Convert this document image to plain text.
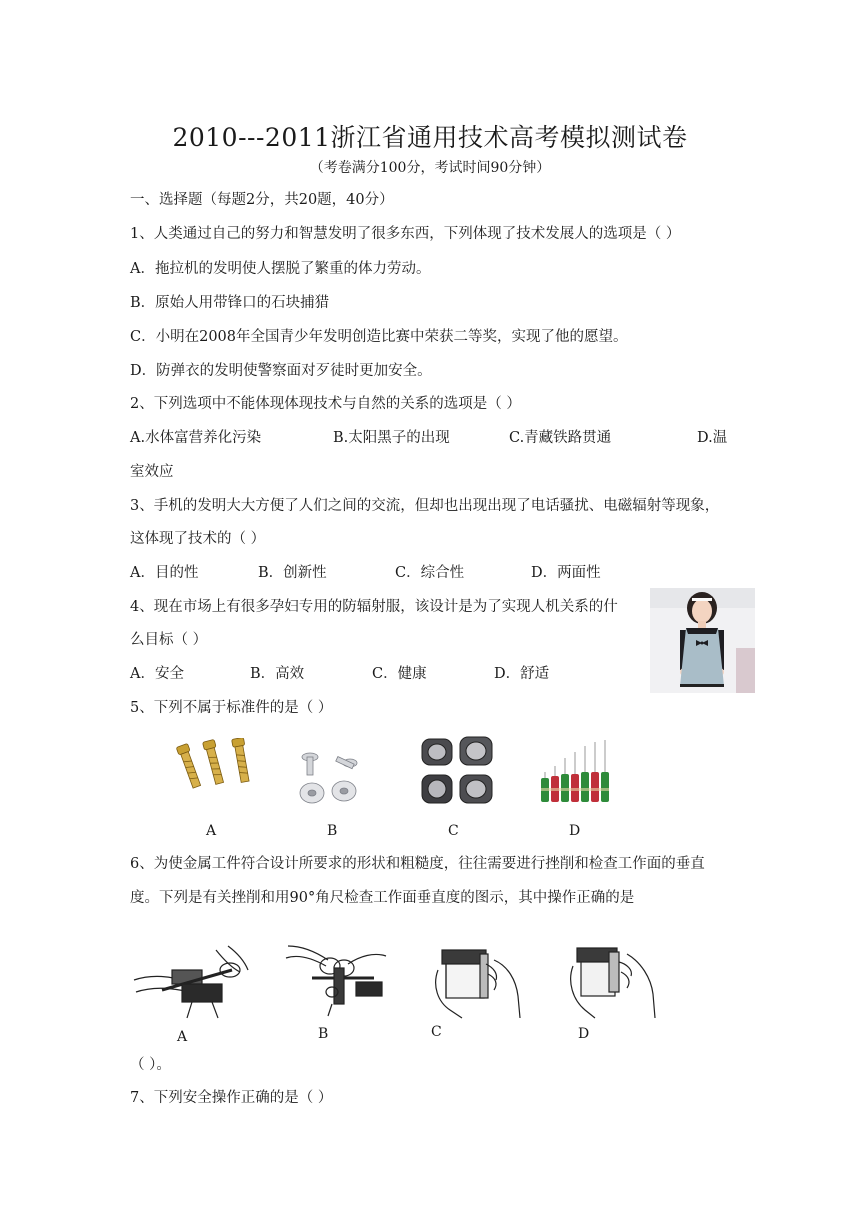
2010---2011浙江省通用技术高考模拟测试卷
（考卷满分100分，考试时间90分钟）
一、选择题（每题2分，共20题，40分）
1、人类通过自己的努力和智慧发明了很多东西，下列体现了技术发展人的选项是（ ）
A．拖拉机的发明使人摆脱了繁重的体力劳动。
B．原始人用带锋口的石块捕猎
C．小明在2008年全国青少年发明创造比赛中荣获二等奖，实现了他的愿望。
D．防弹衣的发明使警察面对歹徒时更加安全。
2、下列选项中不能体现体现技术与自然的关系的选项是（ ）
A.水体富营养化污染	B.太阳黑子的出现	C.青藏铁路贯通	D.温
室效应
3、手机的发明大大方便了人们之间的交流，但却也出现出现了电话骚扰、电磁辐射等现象，
这体现了技术的（ ）
A．目的性	B．创新性	C．综合性	D．两面性
4、现在市场上有很多孕妇专用的防辐射服，该设计是为了实现人机关系的什
么目标（ ）
A．安全	B．高效	C．健康	D．舒适
5、下列不属于标准件的是（ ）
A	B	C	D
6、为使金属工件符合设计所要求的形状和粗糙度，往往需要进行挫削和检查工作面的垂直
度。下列是有关挫削和用90°角尺检查工作面垂直度的图示，其中操作正确的是
A	B	C	D
（ ）。
7、下列安全操作正确的是（ ）
